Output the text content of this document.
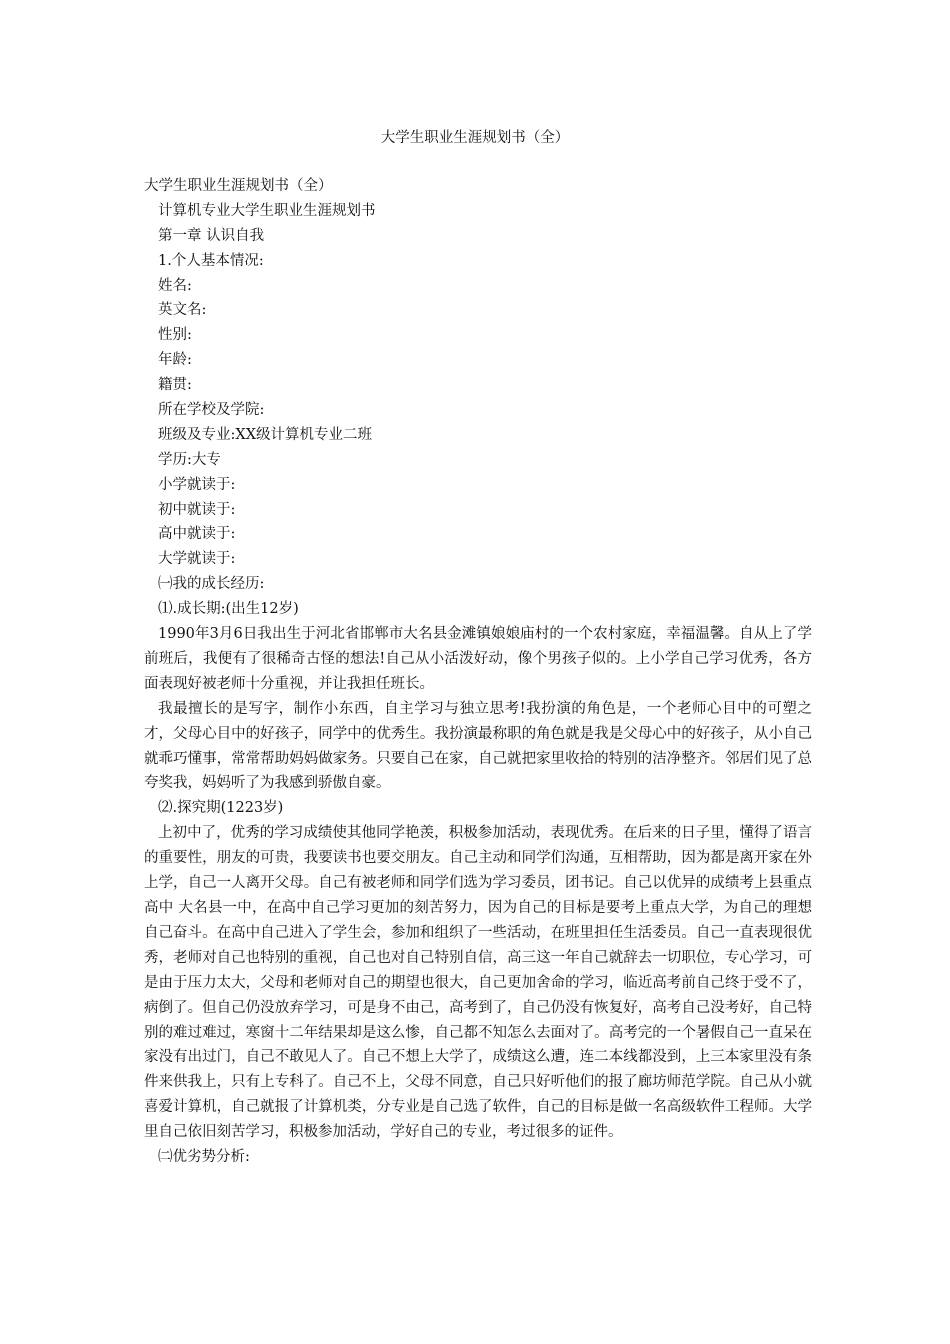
大学生职业生涯规划书（全）
大学生职业生涯规划书（全）
计算机专业大学生职业生涯规划书
第一章 认识自我
1.个人基本情况:
姓名:
英文名:
性别:
年龄:
籍贯:
所在学校及学院:
班级及专业:XX级计算机专业二班
学历:大专
小学就读于:
初中就读于:
高中就读于:
大学就读于:
㈠我的成长经历:
⑴.成长期:(出生12岁)

1990年3月6日我出生于河北省邯郸市大名县金滩镇娘娘庙村的一个农村家庭，幸福温馨。自从上了学前班后，我便有了很稀奇古怪的想法!自己从小活泼好动，像个男孩子似的。上小学自己学习优秀，各方面表现好被老师十分重视，并让我担任班长。

我最擅长的是写字，制作小东西，自主学习与独立思考!我扮演的角色是，一个老师心目中的可塑之才，父母心目中的好孩子，同学中的优秀生。我扮演最称职的角色就是我是父母心中的好孩子，从小自己就乖巧懂事，常常帮助妈妈做家务。只要自己在家，自己就把家里收拾的特别的洁净整齐。邻居们见了总夸奖我，妈妈听了为我感到骄傲自豪。

⑵.探究期(1223岁)

上初中了，优秀的学习成绩使其他同学艳羡，积极参加活动，表现优秀。在后来的日子里，懂得了语言的重要性，朋友的可贵，我要读书也要交朋友。自己主动和同学们沟通，互相帮助，因为都是离开家在外上学，自己一人离开父母。自己有被老师和同学们选为学习委员，团书记。自己以优异的成绩考上县重点高中 大名县一中，在高中自己学习更加的刻苦努力，因为自己的目标是要考上重点大学，为自己的理想自己奋斗。在高中自己进入了学生会，参加和组织了一些活动，在班里担任生活委员。自己一直表现很优秀，老师对自己也特别的重视，自己也对自己特别自信，高三这一年自己就辞去一切职位，专心学习，可是由于压力太大，父母和老师对自己的期望也很大，自己更加舍命的学习，临近高考前自己终于受不了，病倒了。但自己仍没放弃学习，可是身不由己，高考到了，自己仍没有恢复好，高考自己没考好，自己特别的难过难过，寒窗十二年结果却是这么惨，自己都不知怎么去面对了。高考完的一个暑假自己一直呆在家没有出过门，自己不敢见人了。自己不想上大学了，成绩这么遭，连二本线都没到，上三本家里没有条件来供我上，只有上专科了。自己不上，父母不同意，自己只好听他们的报了廊坊师范学院。自己从小就喜爱计算机，自己就报了计算机类，分专业是自己选了软件，自己的目标是做一名高级软件工程师。大学里自己依旧刻苦学习，积极参加活动，学好自己的专业，考过很多的证件。

㈡优劣势分析:
